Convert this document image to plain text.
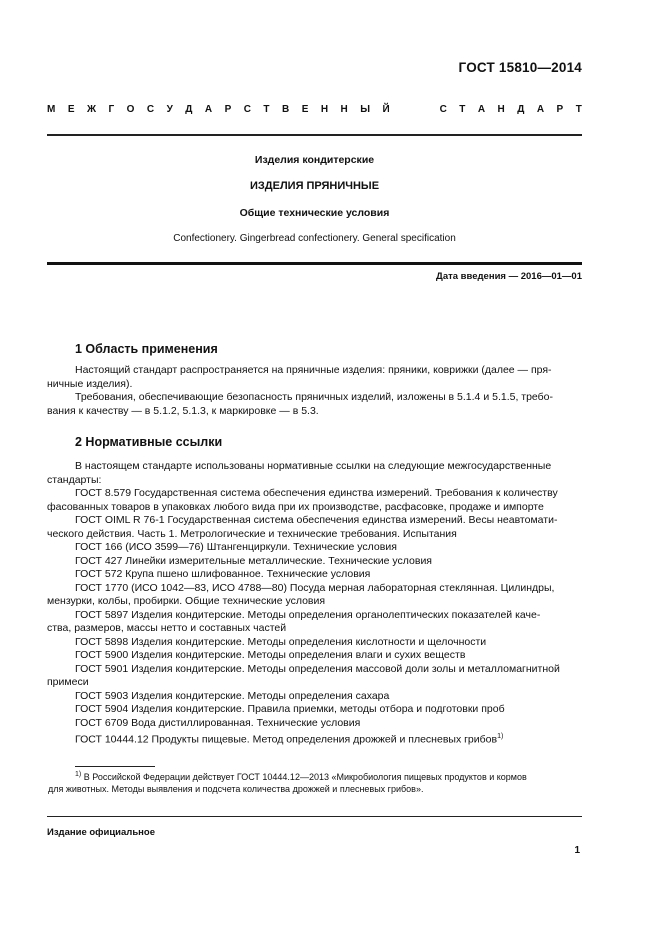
ГОСТ 15810—2014
М Е Ж Г О С У Д А Р С Т В Е Н Н Ы Й	С Т А Н Д А Р Т
Изделия кондитерские
ИЗДЕЛИЯ ПРЯНИЧНЫЕ
Общие технические условия
Confectionery. Gingerbread confectionery. General specification
Дата введения — 2016—01—01
1 Область применения

Настоящий стандарт распространяется на пряничные изделия: пряники, коврижки (далее — пря-

ничные изделия).

Требования, обеспечивающие безопасность пряничных изделий, изложены в 5.1.4 и 5.1.5, требо-

вания к качеству — в 5.1.2, 5.1.3, к маркировке — в 5.3.

2 Нормативные ссылки

В настоящем стандарте использованы нормативные ссылки на следующие межгосударственные

стандарты:

ГОСТ 8.579 Государственная система обеспечения единства измерений. Требования к количеству

фасованных товаров в упаковках любого вида при их производстве, расфасовке, продаже и импорте

ГОСТ OIML R 76-1 Государственная система обеспечения единства измерений. Весы неавтомати-

ческого действия. Часть 1. Метрологические и технические требования. Испытания

ГОСТ 166 (ИСО 3599—76) Штангенциркули. Технические условия

ГОСТ 427 Линейки измерительные металлические. Технические условия

ГОСТ 572 Крупа пшено шлифованное. Технические условия

ГОСТ 1770 (ИСО 1042—83, ИСО 4788—80) Посуда мерная лабораторная стеклянная. Цилиндры,

мензурки, колбы, пробирки. Общие технические условия

ГОСТ 5897 Изделия кондитерские. Методы определения органолептических показателей каче-

ства, размеров, массы нетто и составных частей

ГОСТ 5898 Изделия кондитерские. Методы определения кислотности и щелочности

ГОСТ 5900 Изделия кондитерские. Методы определения влаги и сухих веществ

ГОСТ 5901 Изделия кондитерские. Методы определения массовой доли золы и металломагнитной

примеси

ГОСТ 5903 Изделия кондитерские. Методы определения сахара

ГОСТ 5904 Изделия кондитерские. Правила приемки, методы отбора и подготовки проб

ГОСТ 6709 Вода дистиллированная. Технические условия

ГОСТ 10444.12 Продукты пищевые. Метод определения дрожжей и плесневых грибов$^{1)}$

$^{1)}$ В Российской Федерации действует ГОСТ 10444.12—2013 «Микробиология пищевых продуктов и кормов
для животных. Методы выявления и подсчета количества дрожжей и плесневых грибов».
Издание официальное
1
